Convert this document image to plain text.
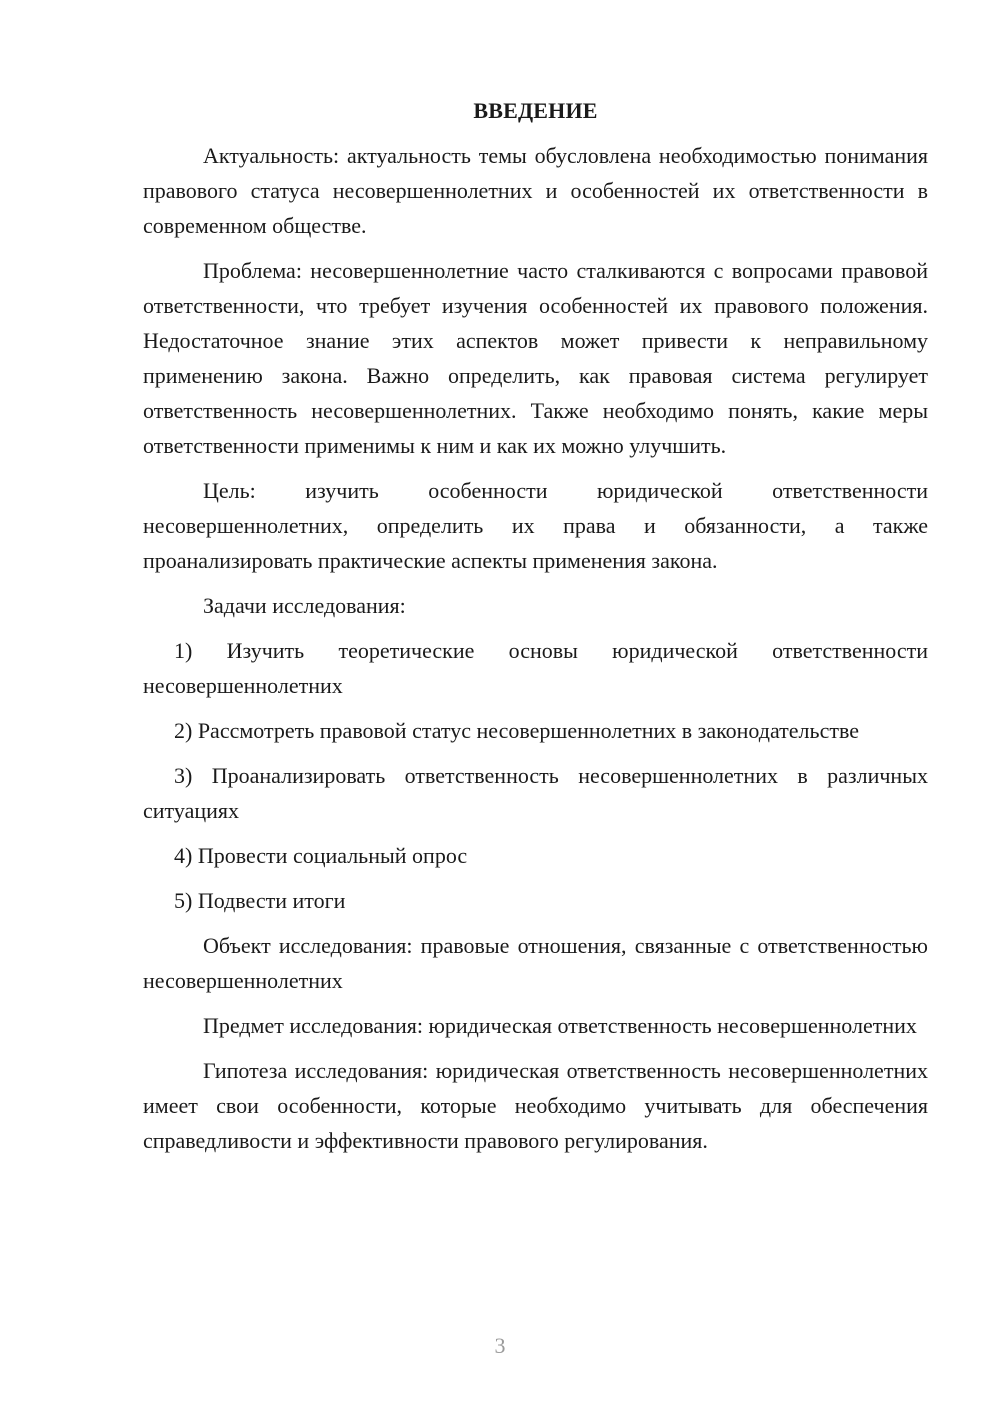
ВВЕДЕНИЕ

Актуальность: актуальность темы обусловлена необходимостью понимания правового статуса несовершеннолетних и особенностей их ответственности в современном обществе.

Проблема: несовершеннолетние часто сталкиваются с вопросами правовой ответственности, что требует изучения особенностей их правового положения. Недостаточное знание этих аспектов может привести к неправильному применению закона. Важно определить, как правовая система регулирует ответственность несовершеннолетних. Также необходимо понять, какие меры ответственности применимы к ним и как их можно улучшить.

Цель: изучить особенности юридической ответственности несовершеннолетних, определить их права и обязанности, а также проанализировать практические аспекты применения закона.

Задачи исследования:

1) Изучить теоретические основы юридической ответственности несовершеннолетних

2) Рассмотреть правовой статус несовершеннолетних в законодательстве

3) Проанализировать ответственность несовершеннолетних в различных ситуациях

4) Провести социальный опрос

5) Подвести итоги

Объект исследования: правовые отношения, связанные с ответственностью несовершеннолетних

Предмет исследования: юридическая ответственность несовершеннолетних

Гипотеза исследования: юридическая ответственность несовершеннолетних имеет свои особенности, которые необходимо учитывать для обеспечения справедливости и эффективности правового регулирования.

3
